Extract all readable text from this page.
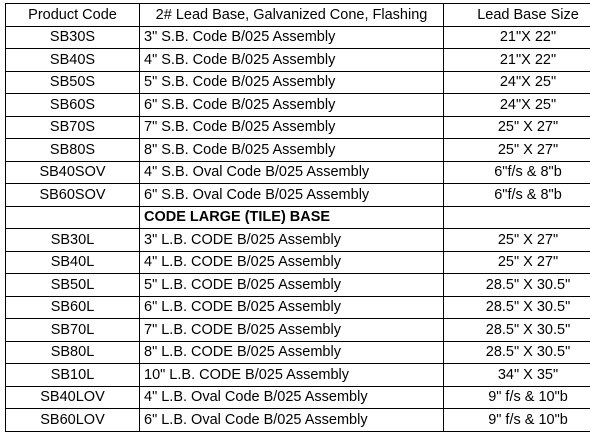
Product Code	2# Lead Base, Galvanized Cone, Flashing	Lead Base Size
SB30S	3" S.B. Code B/025 Assembly	21"X 22"
SB40S	4" S.B. Code B/025 Assembly	21"X 22"
SB50S	5" S.B. Code B/025 Assembly	24"X 25"
SB60S	6" S.B. Code B/025 Assembly	24"X 25"
SB70S	7" S.B. Code B/025 Assembly	25" X 27"
SB80S	8" S.B. Code B/025 Assembly	25" X 27"
SB40SOV	4" S.B. Oval Code B/025 Assembly	6"f/s & 8"b
SB60SOV	6" S.B. Oval Code B/025 Assembly	6"f/s & 8"b
	CODE LARGE (TILE) BASE	
SB30L	3" L.B. CODE B/025 Assembly	25" X 27"
SB40L	4" L.B. CODE B/025 Assembly	25" X 27"
SB50L	5" L.B. CODE B/025 Assembly	28.5" X 30.5"
SB60L	6" L.B. CODE B/025 Assembly	28.5" X 30.5"
SB70L	7" L.B. CODE B/025 Assembly	28.5" X 30.5"
SB80L	8" L.B. CODE B/025 Assembly	28.5" X 30.5"
SB10L	10" L.B. CODE B/025 Assembly	34" X 35"
SB40LOV	4" L.B. Oval Code B/025 Assembly	9" f/s & 10"b
SB60LOV	6" L.B. Oval Code B/025 Assembly	9" f/s & 10"b
